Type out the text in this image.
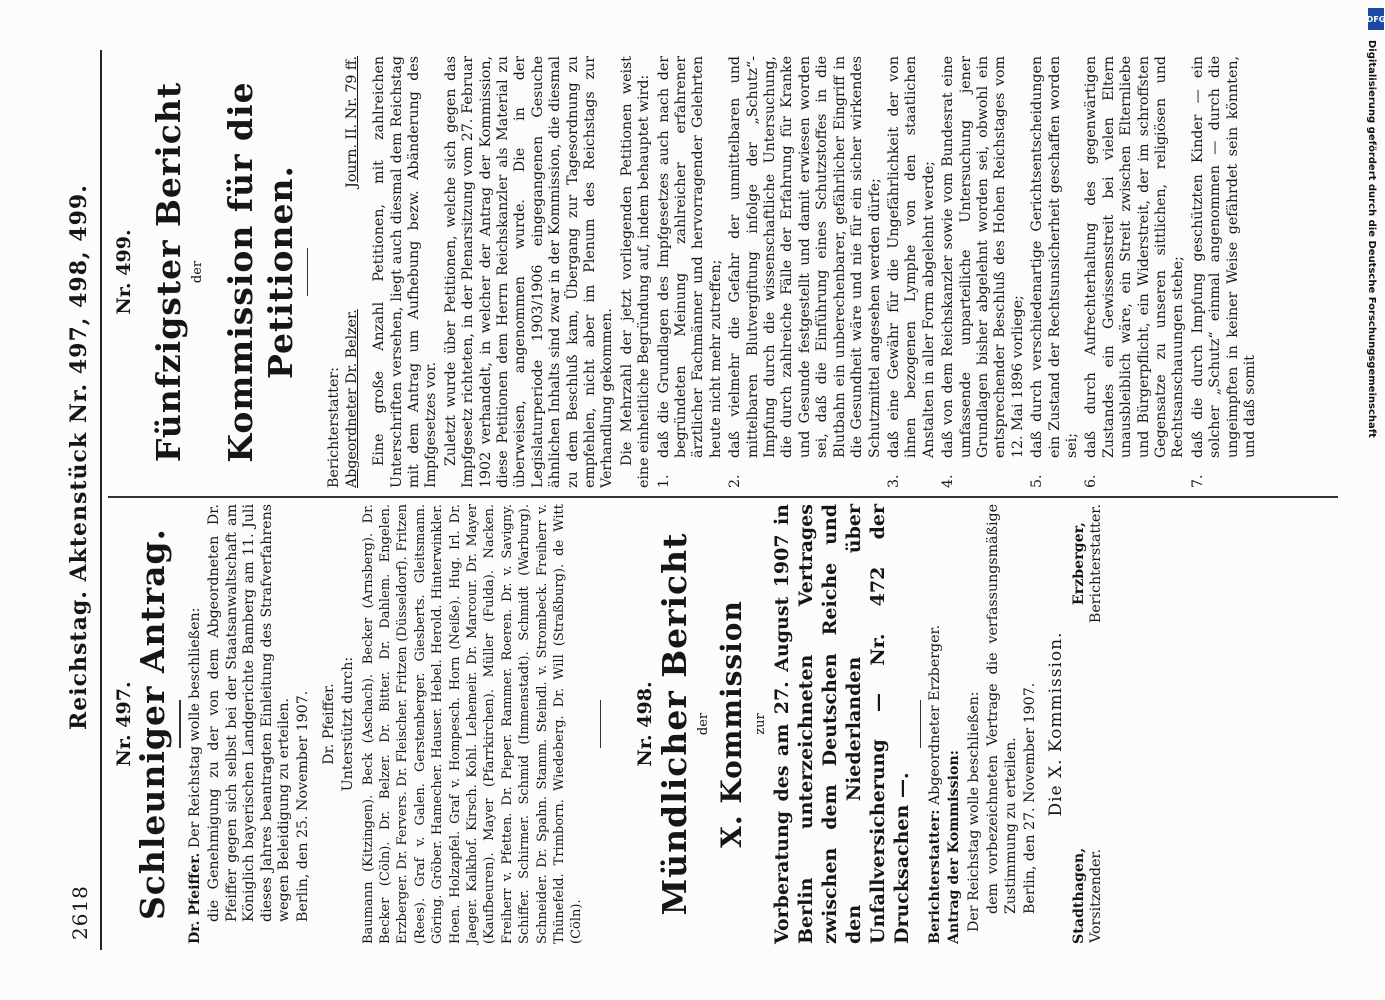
2618
Reichstag. Aktenstück Nr. 497, 498, 499. Nr. 497.
Schleuniger Antrag. Dr. Pfeiffer. Der Reichstag wolle beschließen: die Genehmigung zu der von dem Abgeordneten Dr. Pfeiffer gegen sich selbst bei der Staatsanwaltschaft am Königlich bayerischen Landgerichte Bamberg am 11. Juli dieses Jahres beantragten Einleitung des Strafverfahrens wegen Beleidigung zu erteilen. Berlin, den 25. November 1907. Dr. Pfeiffer. Unterstützt durch: Baumann (Kitzingen). Beck (Aschach). Becker (Arnsberg). Dr. Becker (Cöln). Dr. Belzer. Dr. Bitter. Dr. Dahlem. Engelen. Erzberger. Dr. Fervers. Dr. Fleischer. Fritzen (Düsseldorf). Fritzen (Rees). Graf v. Galen. Gerstenberger. Giesberts. Gleitsmann. Göring. Gröber. Hamecher. Hauser. Hebel. Herold. Hinterwinkler. Hoen. Holzapfel. Graf v. Hompesch. Horn (Neiße). Hug. Irl. Dr. Jaeger. Kalkhof. Kirsch. Kohl. Lehemeir. Dr. Marcour. Dr. Mayer (Kaufbeuren). Mayer (Pfarrkirchen). Müller (Fulda). Nacken. Freiherr v. Pfetten. Dr. Pieper. Rammer. Roeren. Dr. v. Savigny. Schiffer. Schirmer. Schmid (Immenstadt). Schmidt (Warburg). Schneider. Dr. Spahn. Stamm. Steindl. v. Strombeck. Freiherr v. Thünefeld. Trimborn. Wiedeberg. Dr. Will (Straßburg). de Witt (Cöln).
Nr. 498.
Mündlicher Bericht der X. Kommission zur Vorberatung des am 27. August 1907 in Berlin unterzeichneten Vertrages zwischen dem Deutschen Reiche und den Niederlanden über Unfallversicherung — Nr. 472 der Drucksachen —. Berichterstatter: Abgeordneter Erzberger.
Antrag der Kommission: Der Reichstag wolle beschließen: dem vorbezeichneten Vertrage die verfassungsmäßige Zustimmung zu erteilen. Berlin, den 27. November 1907. Die X. Kommission.
Stadthagen, Vorsitzender.
Erzberger, Berichterstatter.
Nr. 499. Fünfzigster Bericht der Kommission für die Petitionen.
Berichterstatter: Abgeordneter Dr. Belzer.
Journ. II. Nr. 79 ff. Eine große Anzahl Petitionen, mit zahlreichen Unterschriften versehen, liegt auch diesmal dem Reichstag mit dem Antrag um Aufhebung bezw. Abänderung des Impfgesetzes vor. Zuletzt wurde über Petitionen, welche sich gegen das Impfgesetz richteten, in der Plenarsitzung vom 27. Februar 1902 verhandelt, in welcher der Antrag der Kommission, diese Petitionen dem Herrn Reichskanzler als Material zu überweisen, angenommen wurde. Die in der Legislaturperiode 1903/1906 eingegangenen Gesuche ähnlichen Inhalts sind zwar in der Kommission, die diesmal zu dem Beschluß kam, Übergang zur Tagesordnung zu empfehlen, nicht aber im Plenum des Reichstags zur Verhandlung gekommen. Die Mehrzahl der jetzt vorliegenden Petitionen weist eine einheitliche Begründung auf, indem behauptet wird: 1.
daß die Grundlagen des Impfgesetzes auch nach der begründeten Meinung zahlreicher erfahrener ärztlicher Fachmänner und hervorragender Gelehrten heute nicht mehr zutreffen;
2.
daß vielmehr die Gefahr der unmittelbaren und mittelbaren Blutvergiftung infolge der „Schutz“-Impfung durch die wissenschaftliche Untersuchung, die durch zahlreiche Fälle der Erfahrung für Kranke und Gesunde festgestellt und damit erwiesen worden sei, daß die Einführung eines Schutzstoffes in die Blutbahn ein unberechenbarer, gefährlicher Eingriff in die Gesundheit wäre und nie für ein sicher wirkendes Schutzmittel angesehen werden dürfe;
3.
daß eine Gewähr für die Ungefährlichkeit der von ihnen bezogenen Lymphe von den staatlichen Anstalten in aller Form abgelehnt werde;
4.
daß von dem Reichskanzler sowie vom Bundesrat eine umfassende unparteiliche Untersuchung jener Grundlagen bisher abgelehnt worden sei, obwohl ein entsprechender Beschluß des Hohen Reichstages vom 12. Mai 1896 vorliege;
5.
daß durch verschiedenartige Gerichtsentscheidungen ein Zustand der Rechtsunsicherheit geschaffen worden sei;
6.
daß durch Aufrechterhaltung des gegenwärtigen Zustandes ein Gewissensstreit bei vielen Eltern unausbleiblich wäre, ein Streit zwischen Elternliebe und Bürgerpflicht, ein Widerstreit, der im schroffsten Gegensatze zu unseren sittlichen, religiösen und Rechtsanschauungen stehe;
7.
daß die durch Impfung geschützten Kinder — ein solcher „Schutz“ einmal angenommen — durch die ungeimpften in keiner Weise gefährdet sein könnten, und daß somit
DFG
Digitalisierung gefördert durch die Deutsche Forschungsgemeinschaft
